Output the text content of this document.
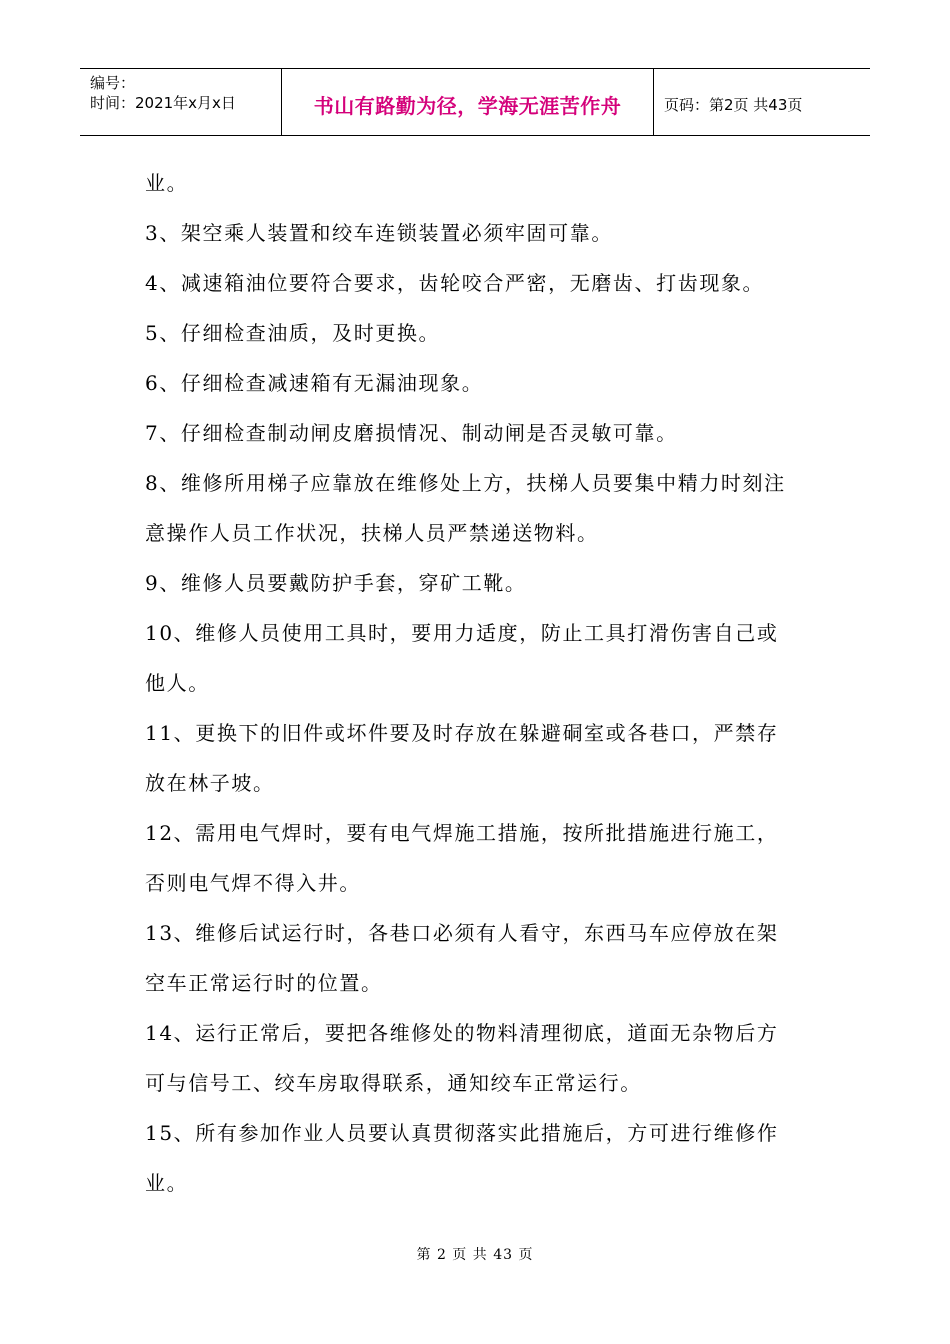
编号：
时间：2021年x月x日	书山有路勤为径，学海无涯苦作舟	页码：第2页 共43页
业。
3、架空乘人装置和绞车连锁装置必须牢固可靠。
4、减速箱油位要符合要求，齿轮咬合严密，无磨齿、打齿现象。
5、仔细检查油质，及时更换。
6、仔细检查减速箱有无漏油现象。
7、仔细检查制动闸皮磨损情况、制动闸是否灵敏可靠。
8、维修所用梯子应靠放在维修处上方，扶梯人员要集中精力时刻注
意操作人员工作状况，扶梯人员严禁递送物料。
9、维修人员要戴防护手套，穿矿工靴。
10、维修人员使用工具时，要用力适度，防止工具打滑伤害自己或
他人。
11、更换下的旧件或坏件要及时存放在躲避硐室或各巷口，严禁存
放在林子坡。
12、需用电气焊时，要有电气焊施工措施，按所批措施进行施工，
否则电气焊不得入井。
13、维修后试运行时，各巷口必须有人看守，东西马车应停放在架
空车正常运行时的位置。
14、运行正常后，要把各维修处的物料清理彻底，道面无杂物后方
可与信号工、绞车房取得联系，通知绞车正常运行。
15、所有参加作业人员要认真贯彻落实此措施后，方可进行维修作
业。
第 2 页 共 43 页
